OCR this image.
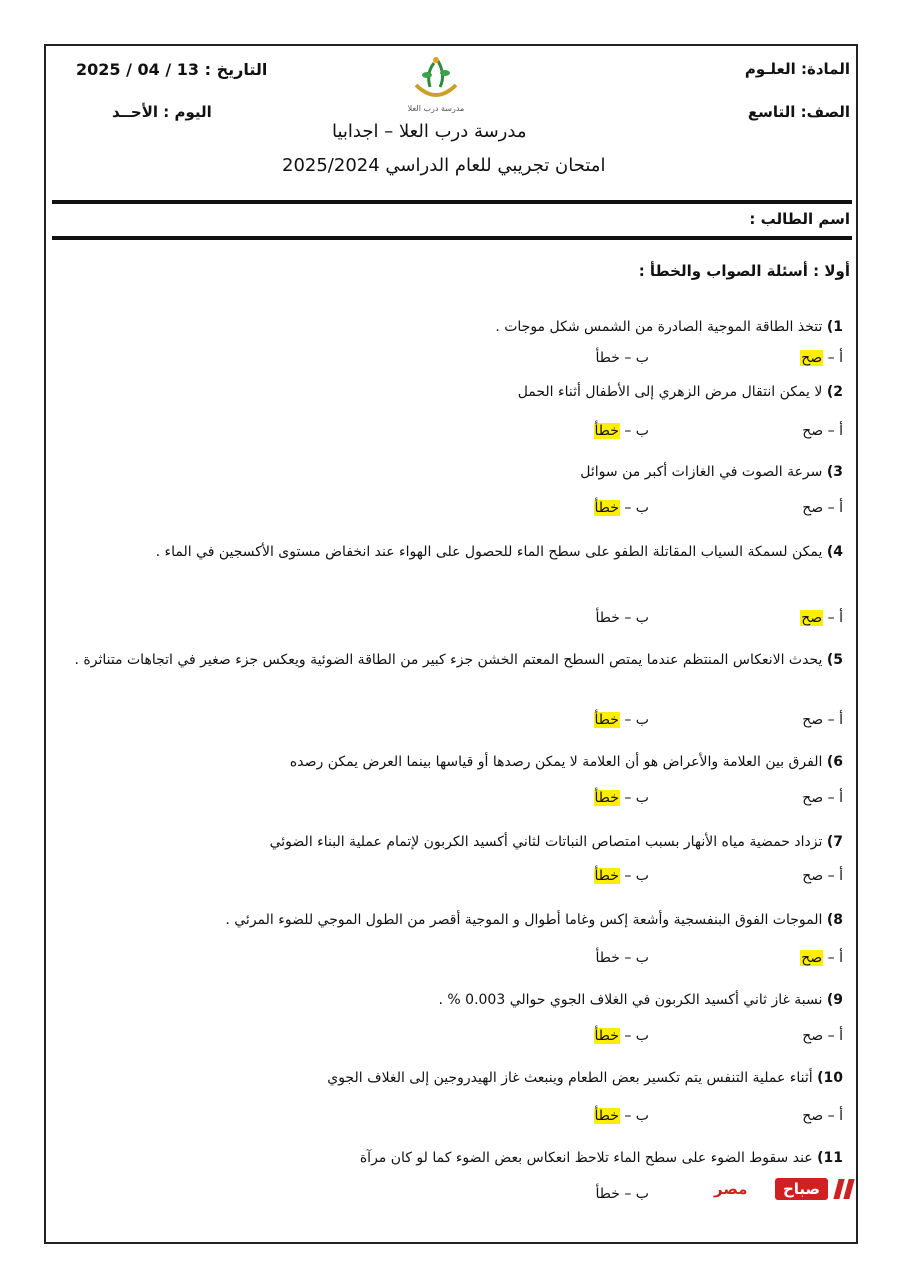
المادة: العلـوم
الصف: التاسع
التاريخ : 13 / 04 / 2025
اليوم : الأحــد	مدرسة درب العلا
مدرسة درب العلا – اجدابيا
امتحان تجريبي للعام الدراسي 2025/2024
اسم الطالب :
أولا : أسئلة الصواب والخطأ :
1) تتخذ الطاقة الموجية الصادرة من الشمس شكل موجات .
أ – صح
ب – خطأ
2) لا يمكن انتقال مرض الزهري إلى الأطفال أثناء الحمل
أ – صح
ب – خطأ
3) سرعة الصوت في الغازات أكبر من سوائل
أ – صح
ب – خطأ
4) يمكن لسمكة السياب المقاتلة الطفو على سطح الماء للحصول على الهواء عند انخفاض مستوى الأكسجين في الماء .
أ – صح
ب – خطأ
5) يحدث الانعكاس المنتظم عندما يمتص السطح المعتم الخشن جزء كبير من الطاقة الضوئية ويعكس جزء صغير في اتجاهات متناثرة .
أ – صح
ب – خطأ
6) الفرق بين العلامة والأعراض هو أن العلامة لا يمكن رصدها أو قياسها بينما العرض يمكن رصده
أ – صح
ب – خطأ
7) تزداد حمضية مياه الأنهار بسبب امتصاص النباتات لثاني أكسيد الكربون لإتمام عملية البناء الضوئي
أ – صح
ب – خطأ
8) الموجات الفوق البنفسجية وأشعة إكس وغاما أطوال و الموجية أقصر من الطول الموجي للضوء المرئي .
أ – صح
ب – خطأ
9) نسبة غاز ثاني أكسيد الكربون في الغلاف الجوي حوالي 0.003 % .
أ – صح
ب – خطأ
10) أثناء عملية التنفس يتم تكسير بعض الطعام وينبعث غاز الهيدروجين إلى الغلاف الجوي
أ – صح
ب – خطأ
11) عند سقوط الضوء على سطح الماء تلاحظ انعكاس بعض الضوء كما لو كان مرآة
ب – خطأ	صباح
مصر
